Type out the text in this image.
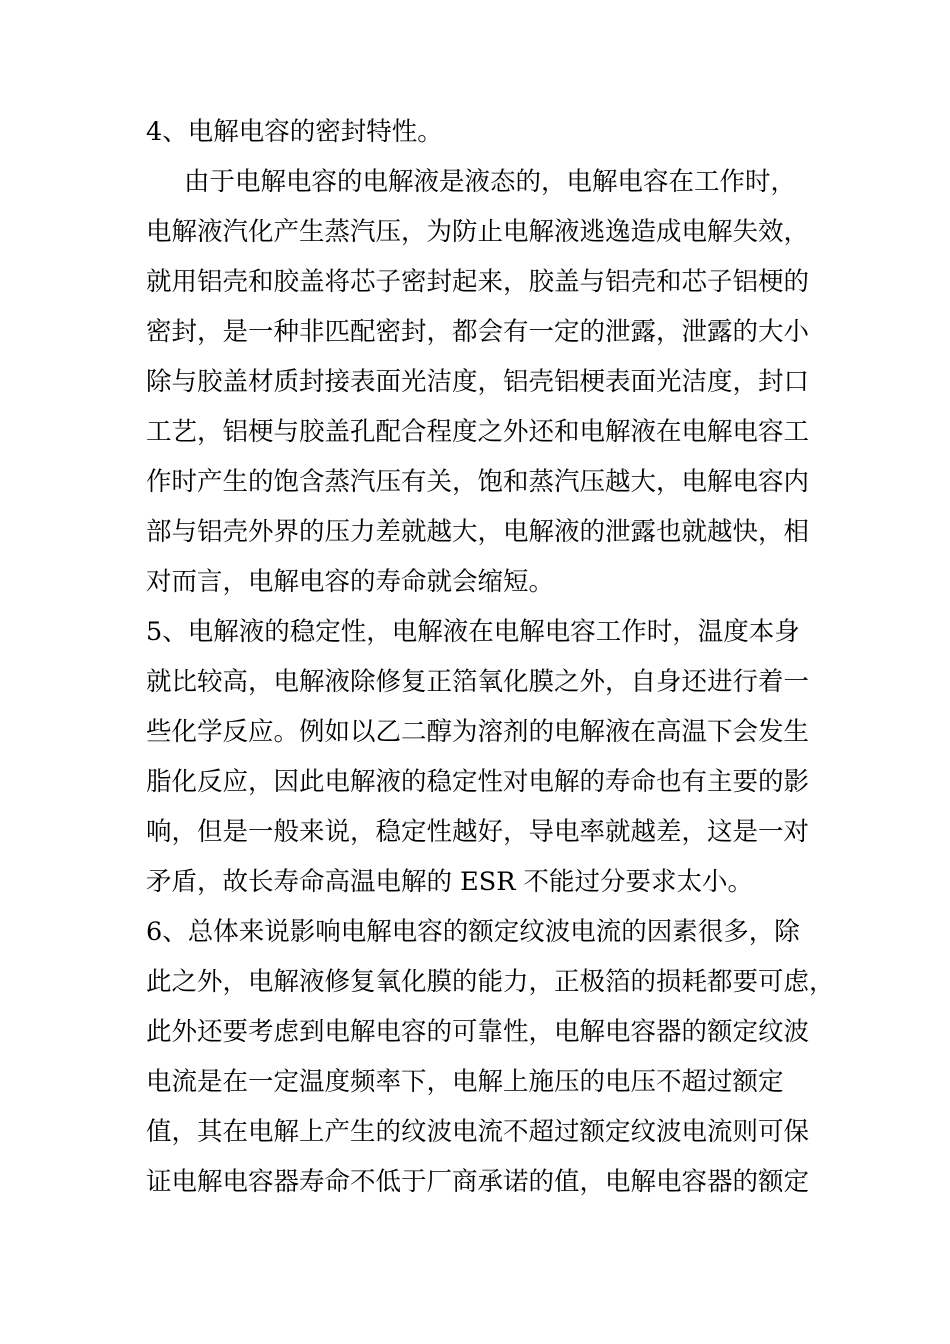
4、电解电容的密封特性。
由于电解电容的电解液是液态的，电解电容在工作时，
电解液汽化产生蒸汽压，为防止电解液逃逸造成电解失效，
就用铝壳和胶盖将芯子密封起来，胶盖与铝壳和芯子铝梗的
密封，是一种非匹配密封，都会有一定的泄露，泄露的大小
除与胶盖材质封接表面光洁度，铝壳铝梗表面光洁度，封口
工艺，铝梗与胶盖孔配合程度之外还和电解液在电解电容工
作时产生的饱含蒸汽压有关，饱和蒸汽压越大，电解电容内
部与铝壳外界的压力差就越大，电解液的泄露也就越快，相
对而言，电解电容的寿命就会缩短。
5、电解液的稳定性，电解液在电解电容工作时，温度本身
就比较高，电解液除修复正箔氧化膜之外，自身还进行着一
些化学反应。例如以乙二醇为溶剂的电解液在高温下会发生
脂化反应，因此电解液的稳定性对电解的寿命也有主要的影
响，但是一般来说，稳定性越好，导电率就越差，这是一对
矛盾，故长寿命高温电解的 ESR 不能过分要求太小。
6、总体来说影响电解电容的额定纹波电流的因素很多，除
此之外，电解液修复氧化膜的能力，正极箔的损耗都要可虑，
此外还要考虑到电解电容的可靠性，电解电容器的额定纹波
电流是在一定温度频率下，电解上施压的电压不超过额定
值，其在电解上产生的纹波电流不超过额定纹波电流则可保
证电解电容器寿命不低于厂商承诺的值，电解电容器的额定
